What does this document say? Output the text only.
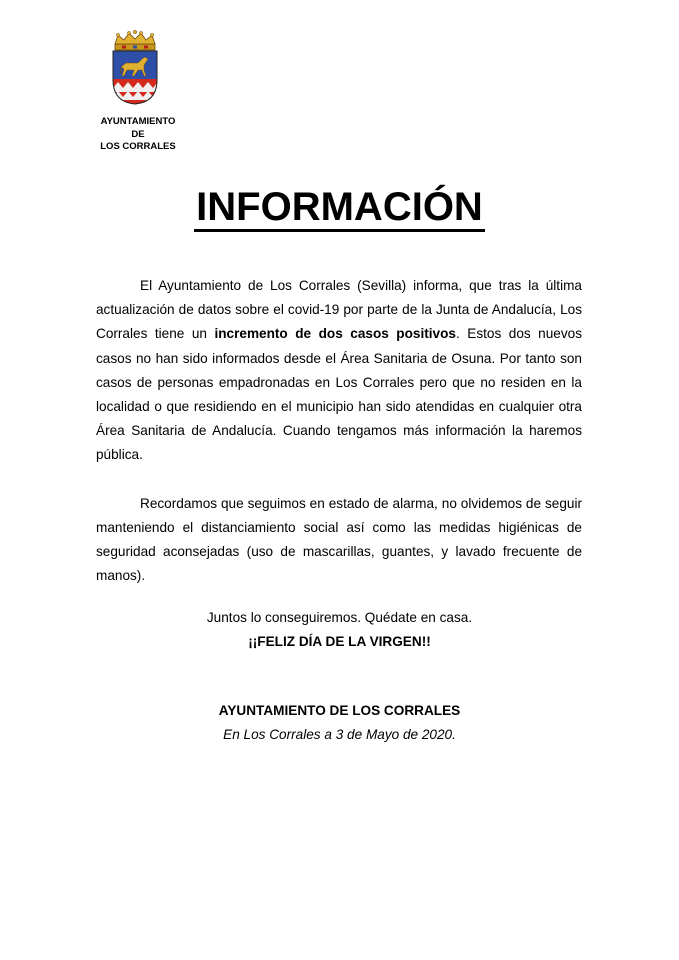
AYUNTAMIENTO
DE
LOS CORRALES
INFORMACIÓN

El Ayuntamiento de Los Corrales (Sevilla) informa, que tras la última actualización de datos sobre el covid-19 por parte de la Junta de Andalucía, Los Corrales tiene un incremento de dos casos positivos. Estos dos nuevos casos no han sido informados desde el Área Sanitaria de Osuna. Por tanto son casos de personas empadronadas en Los Corrales pero que no residen en la localidad o que residiendo en el municipio han sido atendidas en cualquier otra Área Sanitaria de Andalucía. Cuando tengamos más información la haremos pública.

Recordamos que seguimos en estado de alarma, no olvidemos de seguir manteniendo el distanciamiento social así como las medidas higiénicas de seguridad aconsejadas (uso de mascarillas, guantes, y lavado frecuente de manos).

Juntos lo conseguiremos. Quédate en casa.
¡¡FELIZ DÍA DE LA VIRGEN!!
AYUNTAMIENTO DE LOS CORRALES
En Los Corrales a 3 de Mayo de 2020.
